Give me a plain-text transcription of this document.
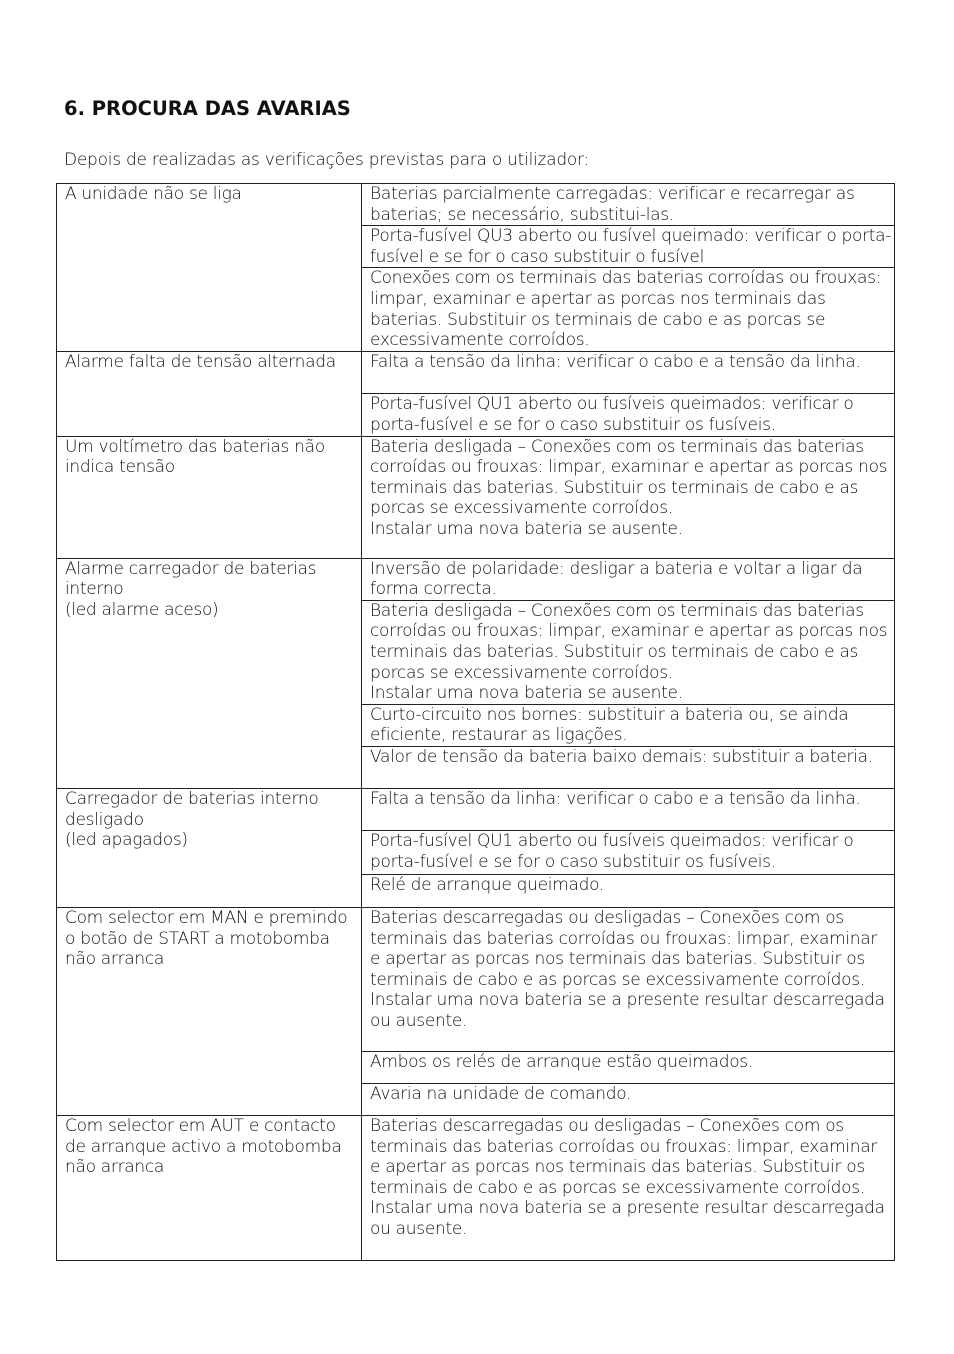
6. PROCURA DAS AVARIAS
Depois de realizadas as verificações previstas para o utilizador:
A unidade não se liga	Baterias parcialmente carregadas: verificar e recarregar as baterias; se necessário, substitui-las.
	Porta-fusível QU3 aberto ou fusível queimado: verificar o porta-fusível e se for o caso substituir o fusível
	Conexões com os terminais das baterias corroídas ou frouxas: limpar, examinar e apertar as porcas nos terminais das baterias. Substituir os terminais de cabo e as porcas se excessivamente corroídos.
Alarme falta de tensão alternada	Falta a tensão da linha: verificar o cabo e a tensão da linha.
	Porta-fusível QU1 aberto ou fusíveis queimados: verificar o porta-fusível e se for o caso substituir os fusíveis.
Um voltímetro das baterias não indica tensão	Bateria desligada – Conexões com os terminais das baterias corroídas ou frouxas: limpar, examinar e apertar as porcas nos terminais das baterias. Substituir os terminais de cabo e as porcas se excessivamente corroídos.
Instalar uma nova bateria se ausente.
Alarme carregador de baterias interno
(led alarme aceso)	Inversão de polaridade: desligar a bateria e voltar a ligar da forma correcta.
	Bateria desligada – Conexões com os terminais das baterias corroídas ou frouxas: limpar, examinar e apertar as porcas nos terminais das baterias. Substituir os terminais de cabo e as porcas se excessivamente corroídos.
Instalar uma nova bateria se ausente.
	Curto-circuito nos bornes: substituir a bateria ou, se ainda eficiente, restaurar as ligações.
	Valor de tensão da bateria baixo demais: substituir a bateria.
Carregador de baterias interno desligado
(led apagados)	Falta a tensão da linha: verificar o cabo e a tensão da linha.
	Porta-fusível QU1 aberto ou fusíveis queimados: verificar o porta-fusível e se for o caso substituir os fusíveis.
	Relé de arranque queimado.
Com selector em MAN e premindo o botão de START a motobomba não arranca	Baterias descarregadas ou desligadas – Conexões com os terminais das baterias corroídas ou frouxas: limpar, examinar e apertar as porcas nos terminais das baterias. Substituir os terminais de cabo e as porcas se excessivamente corroídos.
Instalar uma nova bateria se a presente resultar descarregada ou ausente.
	Ambos os relés de arranque estão queimados.
	Avaria na unidade de comando.
Com selector em AUT e contacto de arranque activo a motobomba não arranca	Baterias descarregadas ou desligadas – Conexões com os terminais das baterias corroídas ou frouxas: limpar, examinar e apertar as porcas nos terminais das baterias. Substituir os terminais de cabo e as porcas se excessivamente corroídos.
Instalar uma nova bateria se a presente resultar descarregada ou ausente.
